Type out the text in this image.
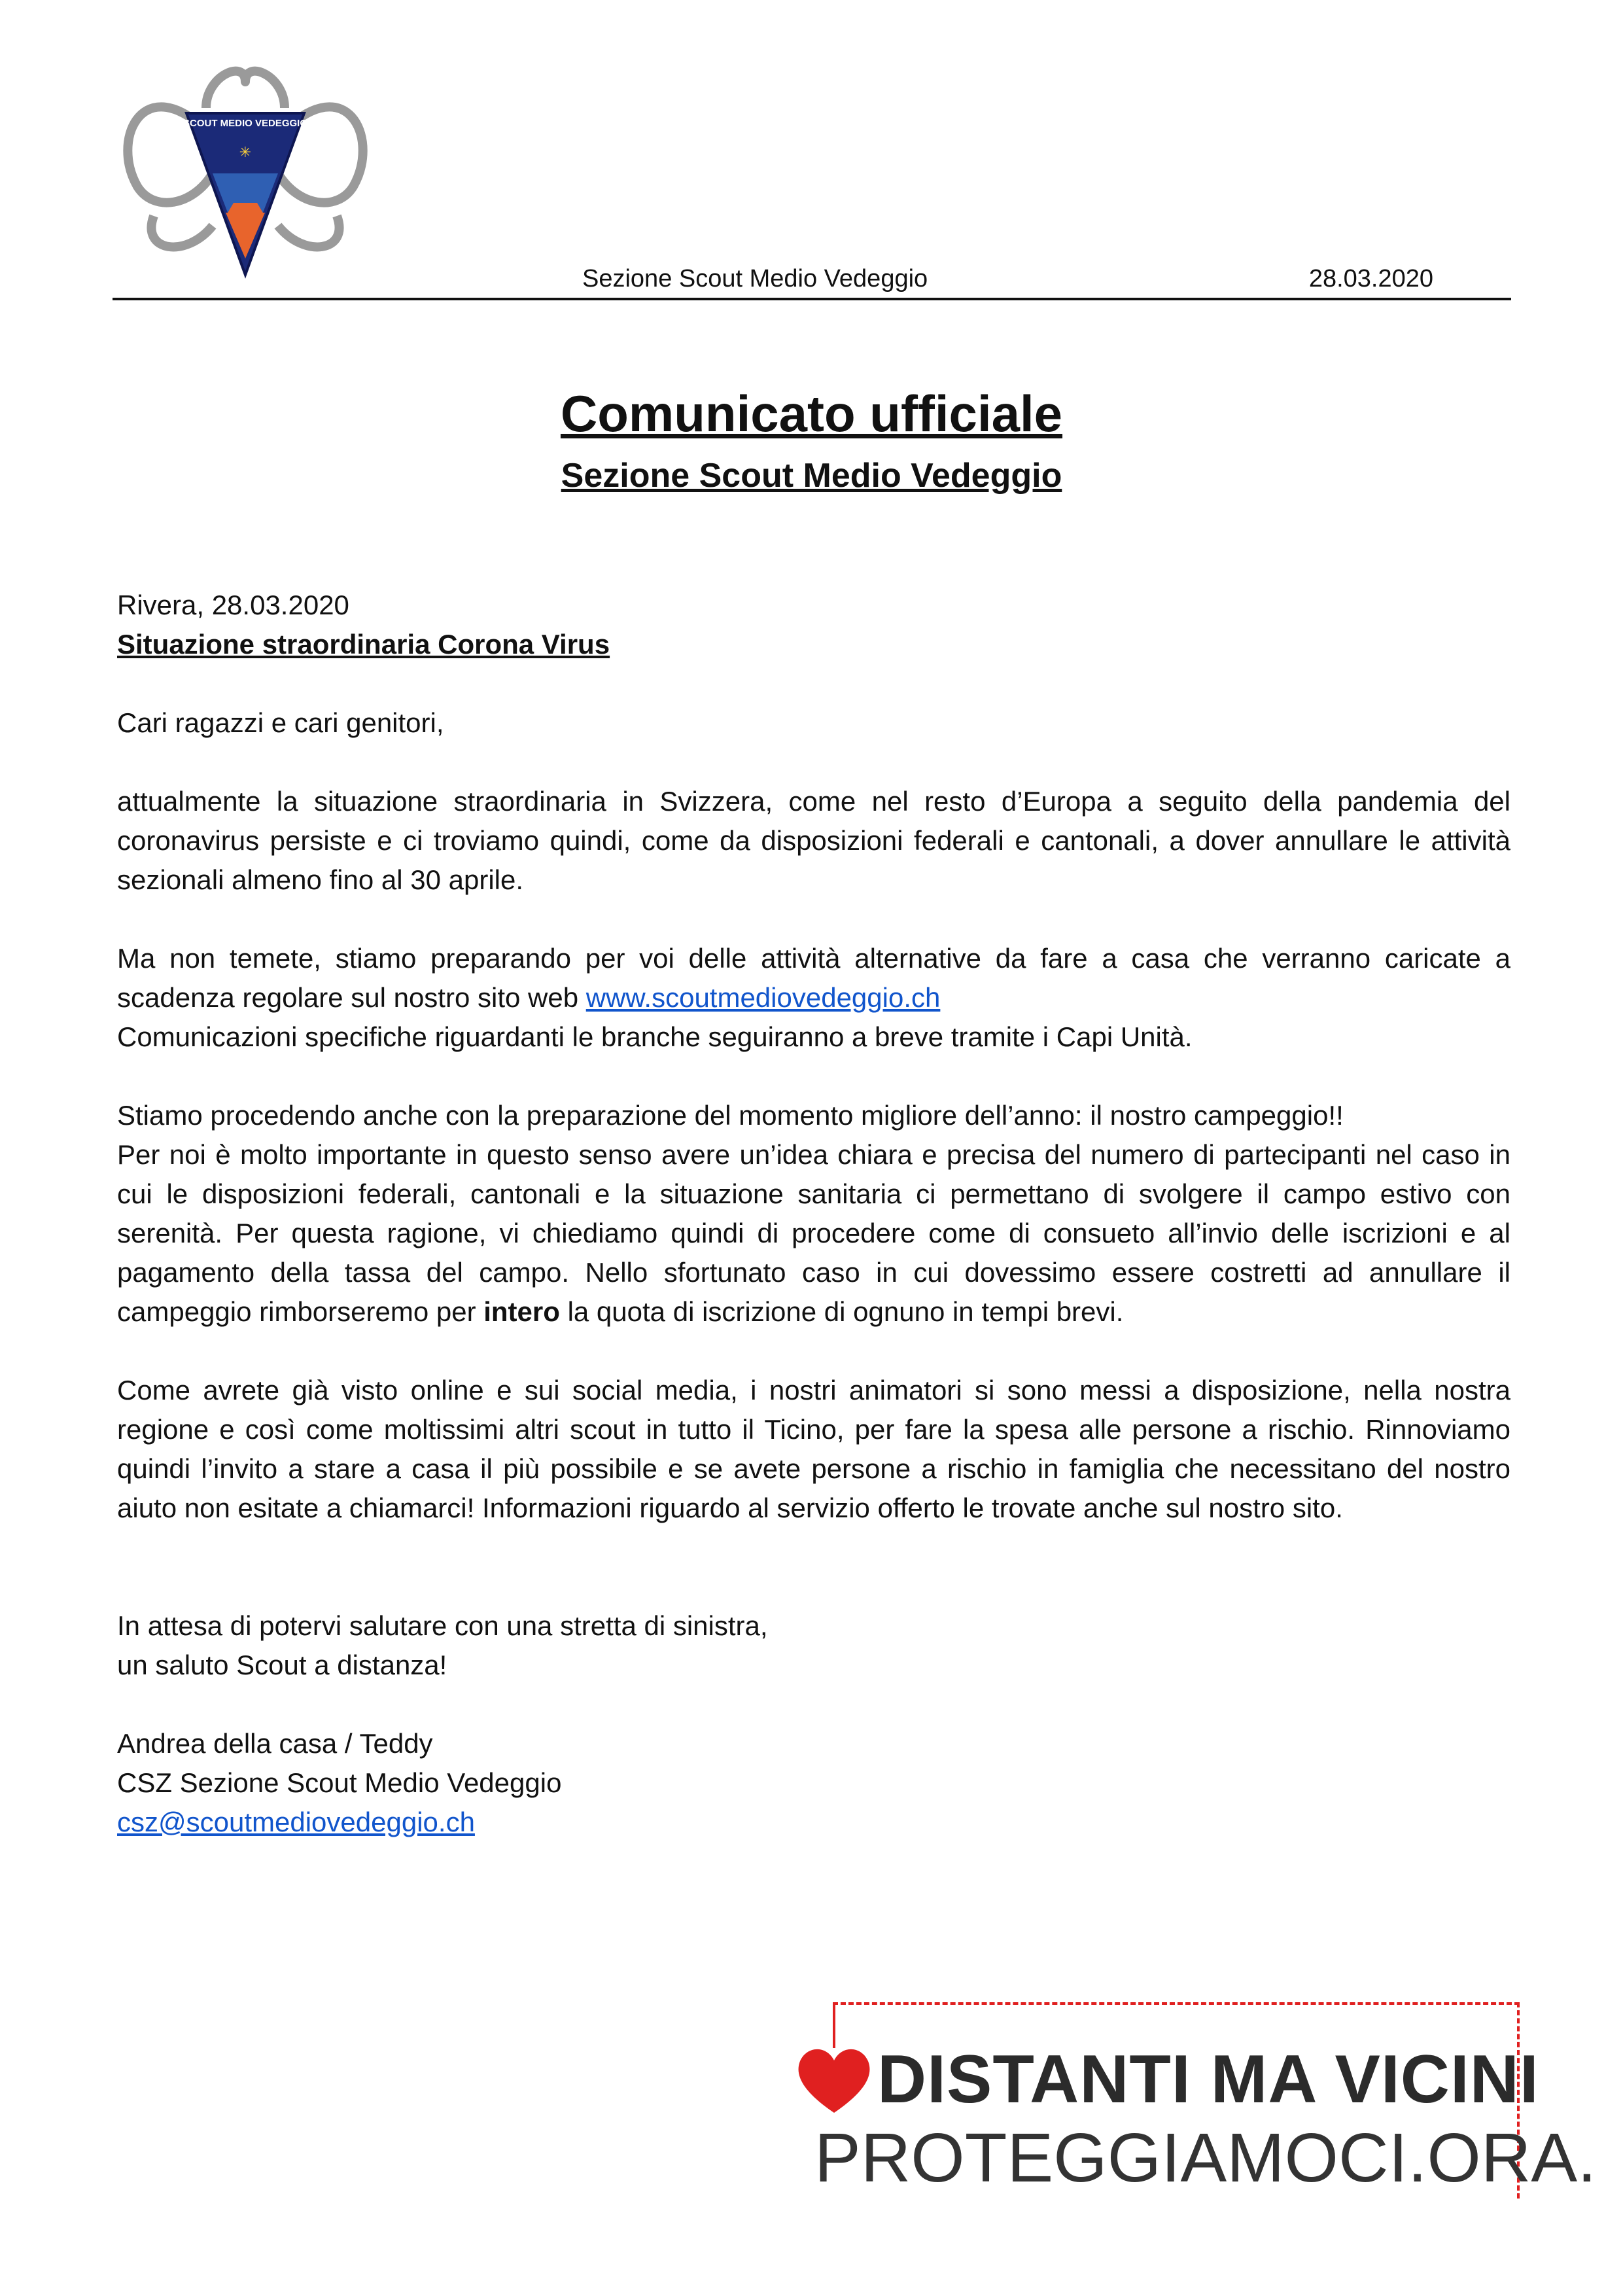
SCOUT MEDIO VEDEGGIO
✳
Sezione Scout Medio Vedeggio	28.03.2020
Comunicato ufficiale
Sezione Scout Medio Vedeggio

Rivera, 28.03.2020

Situazione straordinaria Corona Virus

Cari ragazzi e cari genitori,

attualmente la situazione straordinaria in Svizzera, come nel resto d’Europa a seguito della pandemia del coronavirus persiste e ci troviamo quindi, come da disposizioni federali e cantonali, a dover annullare le attività sezionali almeno fino al 30 aprile.

Ma non temete, stiamo preparando per voi delle attività alternative da fare a casa che verranno caricate a scadenza regolare sul nostro sito web www.scoutmediovedeggio.ch

Comunicazioni specifiche riguardanti le branche seguiranno a breve tramite i Capi Unità.

Stiamo procedendo anche con la preparazione del momento migliore dell’anno: il nostro campeggio!!

Per noi è molto importante in questo senso avere un’idea chiara e precisa del numero di partecipanti nel caso in cui le disposizioni federali, cantonali e la situazione sanitaria ci permettano di svolgere il campo estivo con serenità. Per questa ragione, vi chiediamo quindi di procedere come di consueto all’invio delle iscrizioni e al pagamento della tassa del campo. Nello sfortunato caso in cui dovessimo essere costretti ad annullare il campeggio rimborseremo per intero la quota di iscrizione di ognuno in tempi brevi.

Come avrete già visto online e sui social media, i nostri animatori si sono messi a disposizione, nella nostra regione e così come moltissimi altri scout in tutto il Ticino, per fare la spesa alle persone a rischio. Rinnoviamo quindi l’invito a stare a casa il più possibile e se avete persone a rischio in famiglia che necessitano del nostro aiuto non esitate a chiamarci! Informazioni riguardo al servizio offerto le trovate anche sul nostro sito.

In attesa di potervi salutare con una stretta di sinistra,

un saluto Scout a distanza!

Andrea della casa / Teddy

CSZ Sezione Scout Medio Vedeggio

csz@scoutmediovedeggio.ch

DISTANTI MA VICINI
PROTEGGIAMOCI.ORA.
